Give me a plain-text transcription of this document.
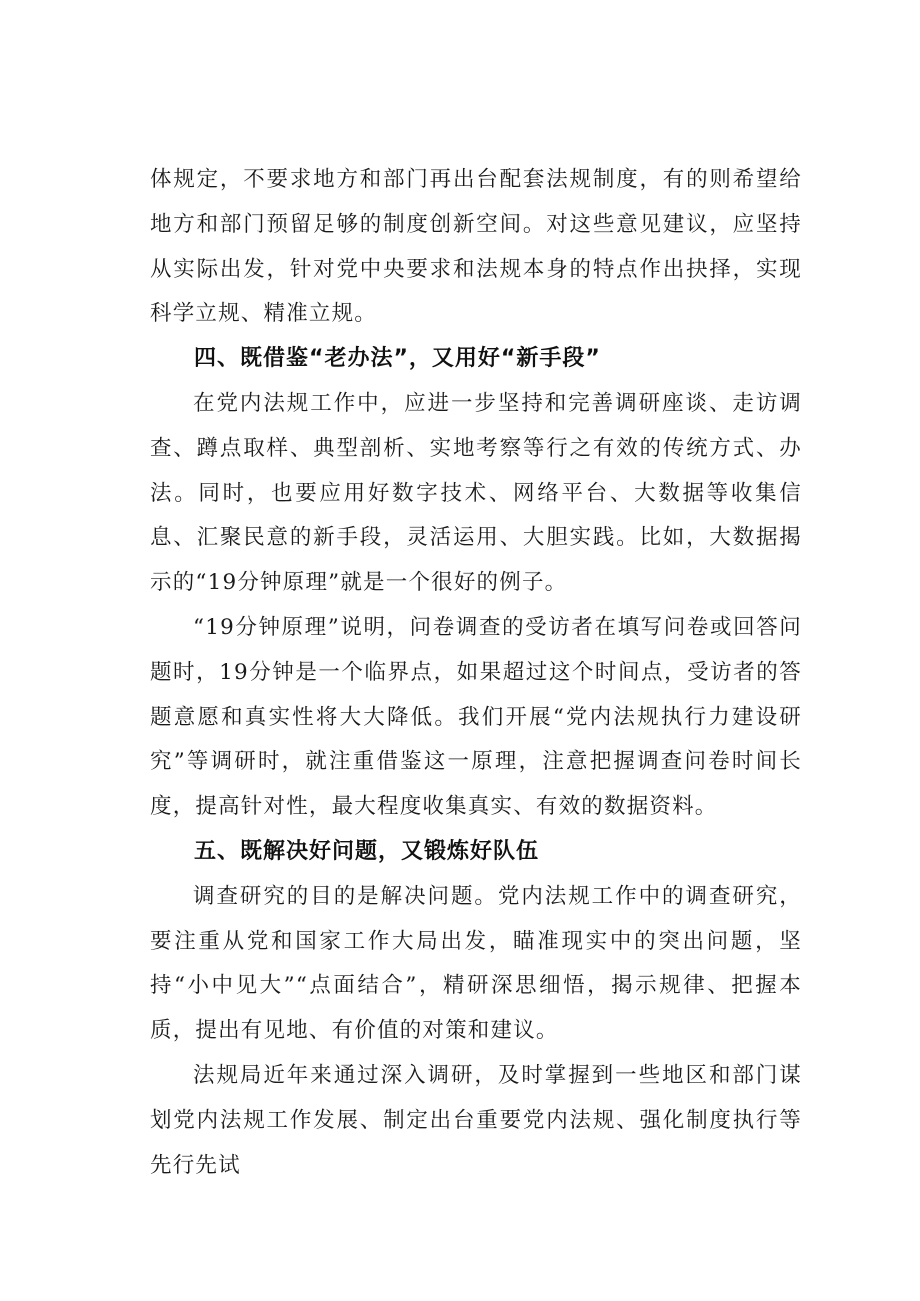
体规定，不要求地方和部门再出台配套法规制度，有的则希望给地方和部门预留足够的制度创新空间。对这些意见建议，应坚持从实际出发，针对党中央要求和法规本身的特点作出抉择，实现科学立规、精准立规。

四、既借鉴“老办法”，又用好“新手段”

在党内法规工作中，应进一步坚持和完善调研座谈、走访调查、蹲点取样、典型剖析、实地考察等行之有效的传统方式、办法。同时，也要应用好数字技术、网络平台、大数据等收集信息、汇聚民意的新手段，灵活运用、大胆实践。比如，大数据揭示的“19分钟原理”就是一个很好的例子。

“19分钟原理”说明，问卷调查的受访者在填写问卷或回答问题时，19分钟是一个临界点，如果超过这个时间点，受访者的答题意愿和真实性将大大降低。我们开展“党内法规执行力建设研究”等调研时，就注重借鉴这一原理，注意把握调查问卷时间长度，提高针对性，最大程度收集真实、有效的数据资料。

五、既解决好问题，又锻炼好队伍

调查研究的目的是解决问题。党内法规工作中的调查研究，要注重从党和国家工作大局出发，瞄准现实中的突出问题，坚持“小中见大”“点面结合”，精研深思细悟，揭示规律、把握本质，提出有见地、有价值的对策和建议。

法规局近年来通过深入调研，及时掌握到一些地区和部门谋划党内法规工作发展、制定出台重要党内法规、强化制度执行等先行先试
